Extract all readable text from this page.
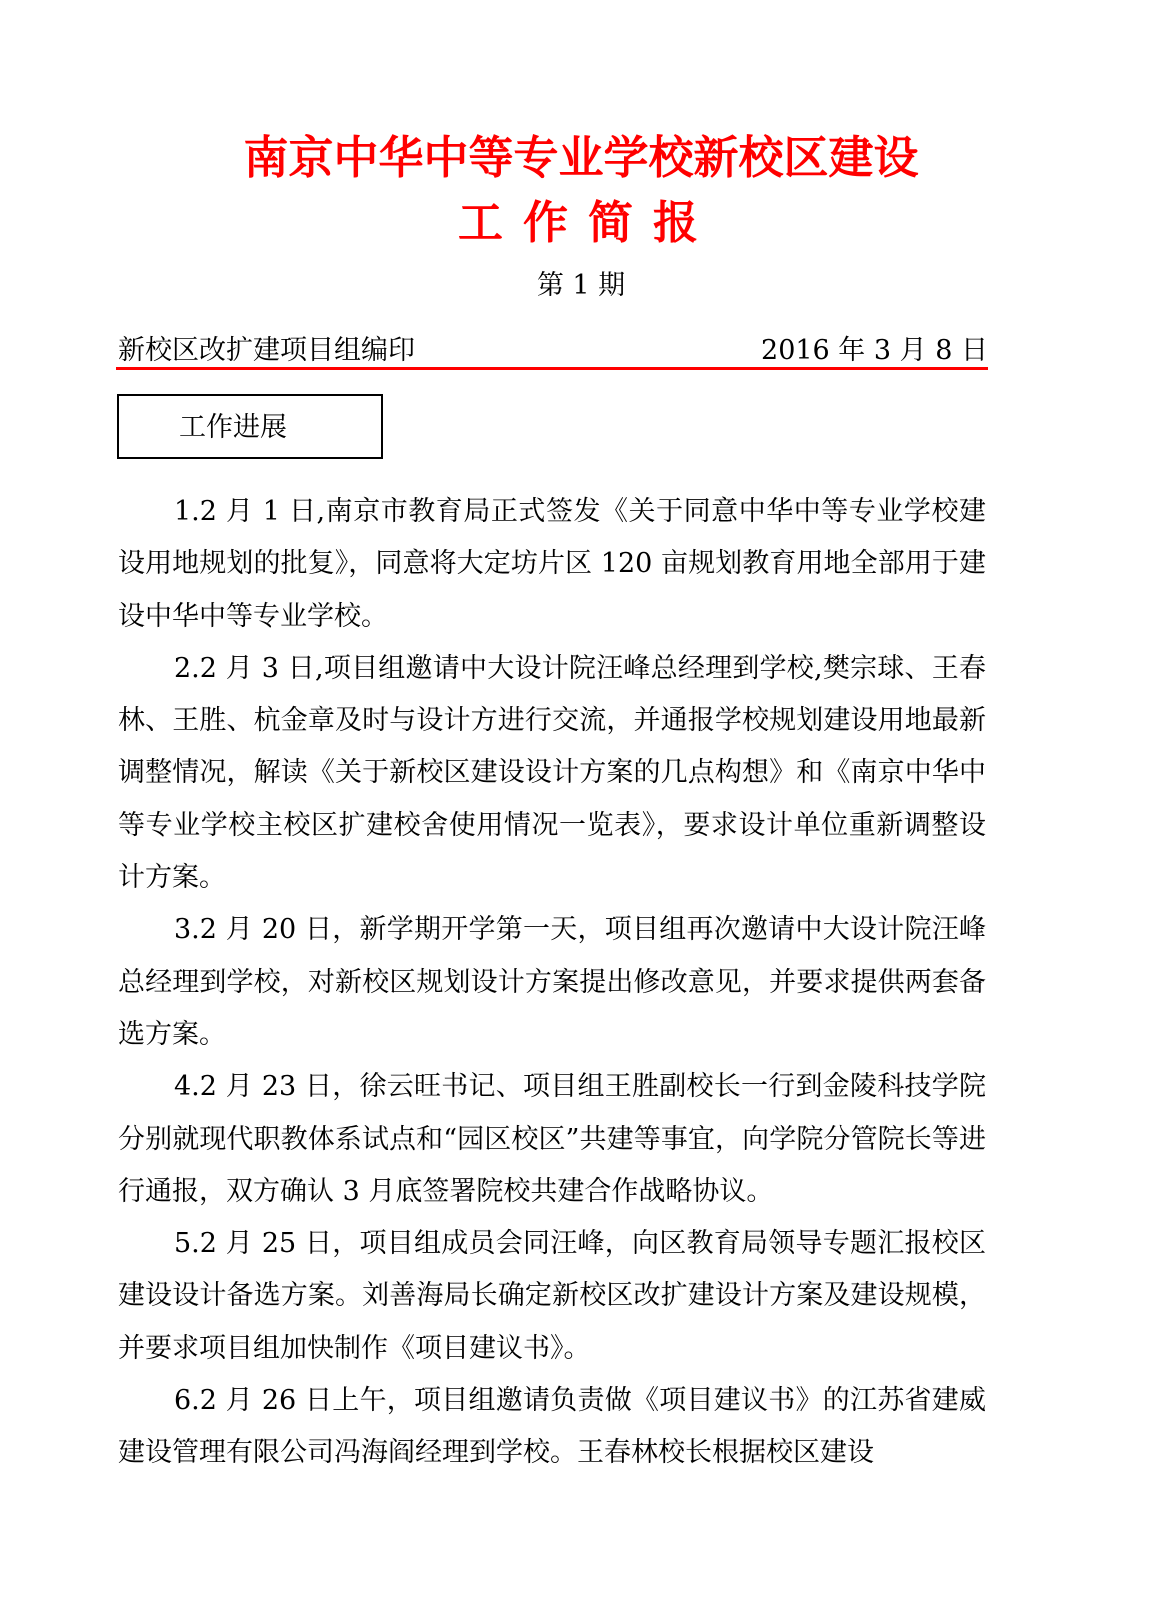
南京中华中等专业学校新校区建设
工作简报
第 1 期
新校区改扩建项目组编印	2016 年 3 月 8 日
工作进展

1.2 月 1 日,南京市教育局正式签发《关于同意中华中等专业学校建设用地规划的批复》，同意将大定坊片区 120 亩规划教育用地全部用于建设中华中等专业学校。

2.2 月 3 日,项目组邀请中大设计院汪峰总经理到学校,樊宗球、王春林、王胜、杭金章及时与设计方进行交流，并通报学校规划建设用地最新调整情况，解读《关于新校区建设设计方案的几点构想》和《南京中华中等专业学校主校区扩建校舍使用情况一览表》，要求设计单位重新调整设计方案。

3.2 月 20 日，新学期开学第一天，项目组再次邀请中大设计院汪峰总经理到学校，对新校区规划设计方案提出修改意见，并要求提供两套备选方案。

4.2 月 23 日，徐云旺书记、项目组王胜副校长一行到金陵科技学院分别就现代职教体系试点和“园区校区”共建等事宜，向学院分管院长等进行通报，双方确认 3 月底签署院校共建合作战略协议。

5.2 月 25 日，项目组成员会同汪峰，向区教育局领导专题汇报校区建设设计备选方案。刘善海局长确定新校区改扩建设计方案及建设规模，并要求项目组加快制作《项目建议书》。

6.2 月 26 日上午，项目组邀请负责做《项目建议书》的江苏省建威建设管理有限公司冯海阎经理到学校。王春林校长根据校区建设
